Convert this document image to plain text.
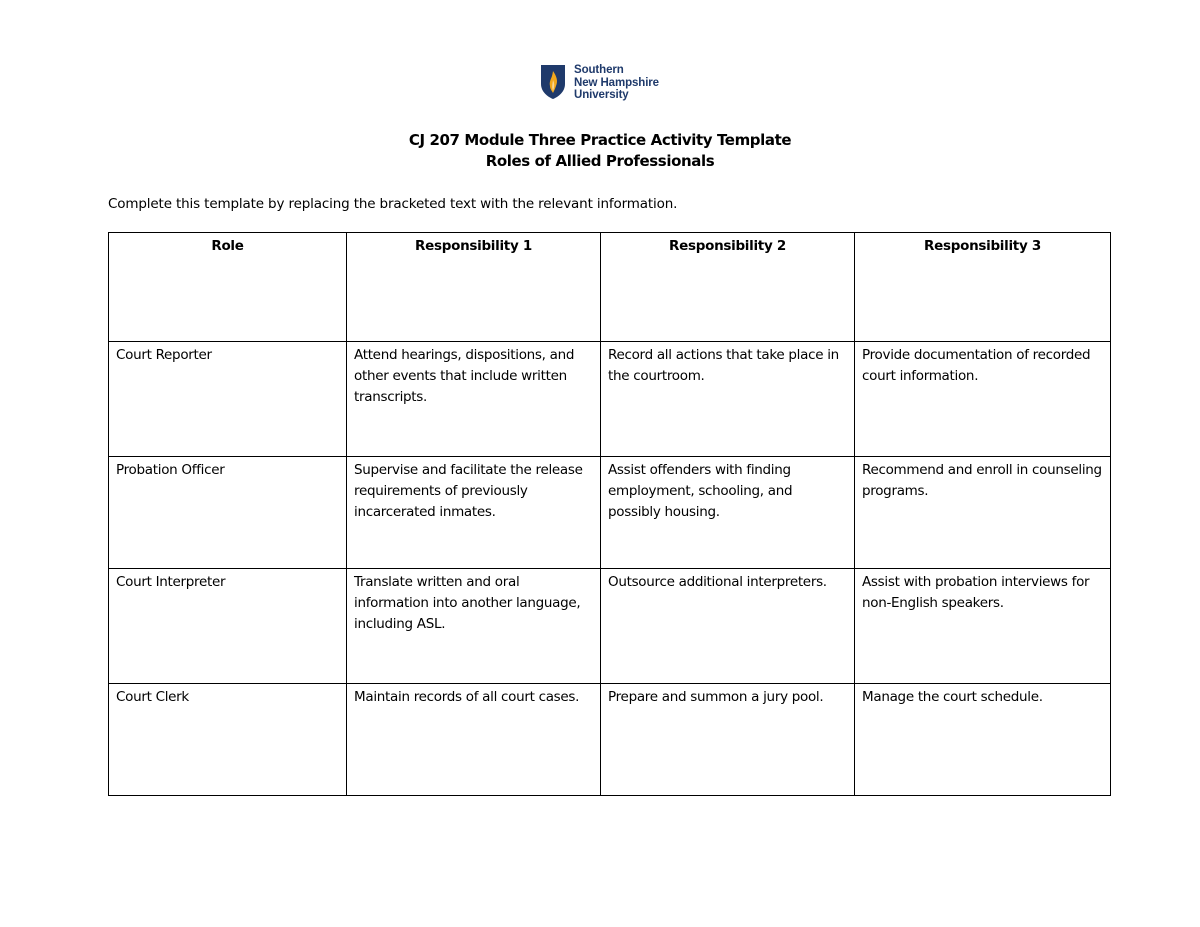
Southern
New Hampshire
University
CJ 207 Module Three Practice Activity Template
Roles of Allied Professionals
Complete this template by replacing the bracketed text with the relevant information.
Role	Responsibility 1	Responsibility 2	Responsibility 3
Court Reporter	Attend hearings, dispositions, and other events that include written transcripts.	Record all actions that take place in the courtroom.	Provide documentation of recorded court information.
Probation Officer	Supervise and facilitate the release requirements of previously incarcerated inmates.	Assist offenders with finding employment, schooling, and possibly housing.	Recommend and enroll in counseling programs.
Court Interpreter	Translate written and oral information into another language, including ASL.	Outsource additional interpreters.	Assist with probation interviews for non-English speakers.
Court Clerk	Maintain records of all court cases.	Prepare and summon a jury pool.	Manage the court schedule.
